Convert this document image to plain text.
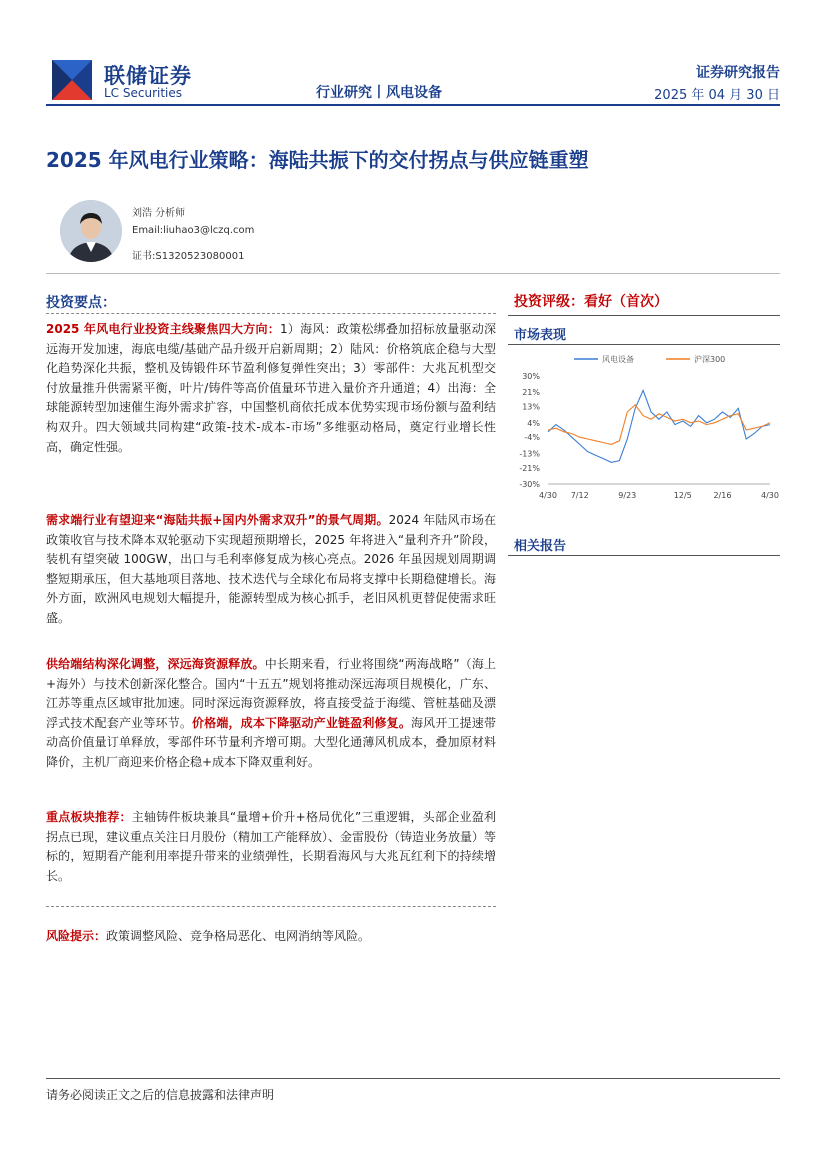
联储证券
LC Securities	行业研究丨风电设备
证券研究报告
2025 年 04 月 30 日
2025 年风电行业策略：海陆共振下的交付拐点与供应链重塑
刘浩 分析师
Email:liuhao3@lczq.com
证书:S1320523080001
投资要点：
2025 年风电行业投资主线聚焦四大方向：1）海风：政策松绑叠加招标放量驱动深远海开发加速，海底电缆/基础产品升级开启新周期；2）陆风：价格筑底企稳与大型化趋势深化共振，整机及铸锻件环节盈利修复弹性突出；3）零部件：大兆瓦机型交付放量推升供需紧平衡，叶片/铸件等高价值量环节进入量价齐升通道；4）出海：全球能源转型加速催生海外需求扩容，中国整机商依托成本优势实现市场份额与盈利结构双升。四大领域共同构建“政策-技术-成本-市场”多维驱动格局，奠定行业增长性高，确定性强。
需求端行业有望迎来“海陆共振+国内外需求双升”的景气周期。2024 年陆风市场在政策收官与技术降本双轮驱动下实现超预期增长，2025 年将进入“量利齐升”阶段，装机有望突破 100GW，出口与毛利率修复成为核心亮点。2026 年虽因规划周期调整短期承压，但大基地项目落地、技术迭代与全球化布局将支撑中长期稳健增长。海外方面，欧洲风电规划大幅提升，能源转型成为核心抓手，老旧风机更替促使需求旺盛。
供给端结构深化调整，深远海资源释放。中长期来看，行业将围绕“两海战略”（海上+海外）与技术创新深化整合。国内“十五五”规划将推动深远海项目规模化，广东、江苏等重点区域审批加速。同时深远海资源释放，将直接受益于海缆、管桩基础及漂浮式技术配套产业等环节。价格端，成本下降驱动产业链盈利修复。海风开工提速带动高价值量订单释放，零部件环节量利齐增可期。大型化通薄风机成本，叠加原材料降价，主机厂商迎来价格企稳+成本下降双重利好。
重点板块推荐：主轴铸件板块兼具“量增+价升+格局优化”三重逻辑，头部企业盈利拐点已现，建议重点关注日月股份（精加工产能释放）、金雷股份（铸造业务放量）等标的，短期看产能利用率提升带来的业绩弹性，长期看海风与大兆瓦红利下的持续增长。
风险提示：政策调整风险、竞争格局恶化、电网消纳等风险。
投资评级：看好（首次）
市场表现
风电设备	沪深300
30%
21%
13%
4%
-4%
-13%
-21%
-30%
4/30 7/12	9/23	12/5	2/16	4/30
相关报告
请务必阅读正文之后的信息披露和法律声明
